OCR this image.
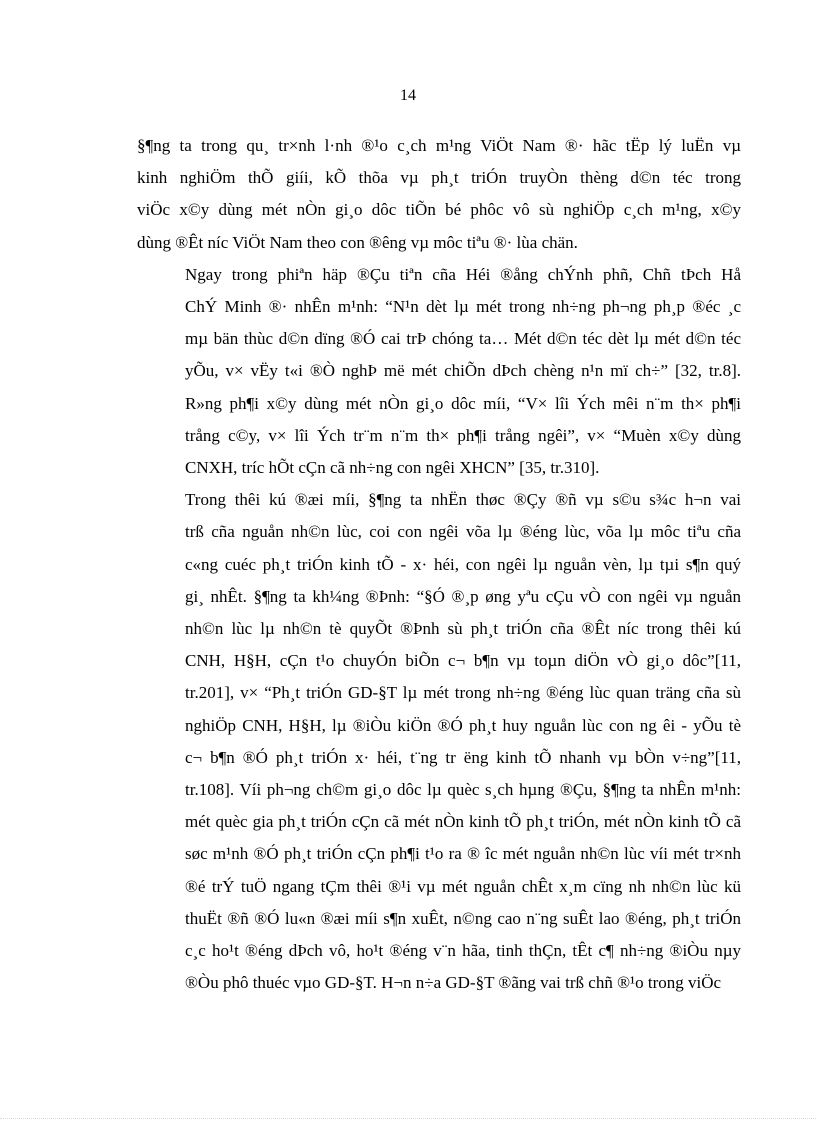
14

§¶ng ta trong qu¸ tr×nh l·nh ®¹o c¸ch m¹ng ViÖt Nam ®· hãc tËp lý luËn vµ
kinh nghiÖm thÕ giíi, kÕ thõa vµ ph¸t triÓn truyÒn thèng d©n téc trong
viÖc x©y dùng mét nÒn gi¸o dôc tiÕn bé phôc vô sù nghiÖp c¸ch m¹ng, x©y
dùng ®Êt níc ViÖt Nam theo con ®êng vµ môc tiªu ®· lùa chän.

Ngay trong phiªn häp ®Çu tiªn cña Héi ®ång chÝnh phñ, Chñ tÞch Hå
ChÝ Minh ®· nhÊn m¹nh: “N¹n dèt lµ mét trong nh÷ng ph¬ng ph¸p ®éc ¸c
mµ bän thùc d©n dïng ®Ó cai trÞ chóng ta… Mét d©n téc dèt lµ mét d©n téc
yÕu, v× vËy t«i ®Ò nghÞ më mét chiÕn dÞch chèng n¹n mï ch÷” [32, tr.8].
R»ng ph¶i x©y dùng mét nÒn gi¸o dôc míi, “V× lîi Ých mêi n¨m th× ph¶i
trång c©y, v× lîi Ých tr¨m n¨m th× ph¶i trång ngêi”, v× “Muèn x©y dùng
CNXH, tríc hÕt cÇn cã nh÷ng con ngêi XHCN” [35, tr.310].

Trong thêi kú ®æi míi, §¶ng ta nhËn thøc ®Çy ®ñ vµ s©u s¾c h¬n vai
trß cña nguån nh©n lùc, coi con ngêi võa lµ ®éng lùc, võa lµ môc tiªu cña
c«ng cuéc ph¸t triÓn kinh tÕ - x· héi, con ngêi lµ nguån vèn, lµ tµi s¶n quý
gi¸ nhÊt. §¶ng ta kh¼ng ®Þnh: “§Ó ®¸p øng yªu cÇu vÒ con ngêi vµ nguån
nh©n lùc lµ nh©n tè quyÕt ®Þnh sù ph¸t triÓn cña ®Êt níc trong thêi kú
CNH, H§H, cÇn t¹o chuyÓn biÕn c¬ b¶n vµ toµn diÖn vÒ gi¸o dôc”[11,
tr.201], v× “Ph¸t triÓn GD-§T lµ mét trong nh÷ng ®éng lùc quan träng cña sù
nghiÖp CNH, H§H, lµ ®iÒu kiÖn ®Ó ph¸t huy nguån lùc con ng êi - yÕu tè
c¬ b¶n ®Ó ph¸t triÓn x· héi, t¨ng tr ëng kinh tÕ nhanh vµ bÒn v÷ng”[11,
tr.108]. Víi ph¬ng ch©m gi¸o dôc lµ quèc s¸ch hµng ®Çu, §¶ng ta nhÊn m¹nh:
mét quèc gia ph¸t triÓn cÇn cã mét nÒn kinh tÕ ph¸t triÓn, mét nÒn kinh tÕ cã
søc m¹nh ®Ó ph¸t triÓn cÇn ph¶i t¹o ra ® îc mét nguån nh©n lùc víi mét tr×nh
®é trÝ tuÖ ngang tÇm thêi ®¹i vµ mét nguån chÊt x¸m cïng nh nh©n lùc kü
thuËt ®ñ ®Ó lu«n ®æi míi s¶n xuÊt, n©ng cao n¨ng suÊt lao ®éng, ph¸t triÓn
c¸c ho¹t ®éng dÞch vô, ho¹t ®éng v¨n hãa, tinh thÇn, tÊt c¶ nh÷ng ®iÒu nµy
®Òu phô thuéc vµo GD-§T. H¬n n÷a GD-§T ®ãng vai trß chñ ®¹o trong viÖc
